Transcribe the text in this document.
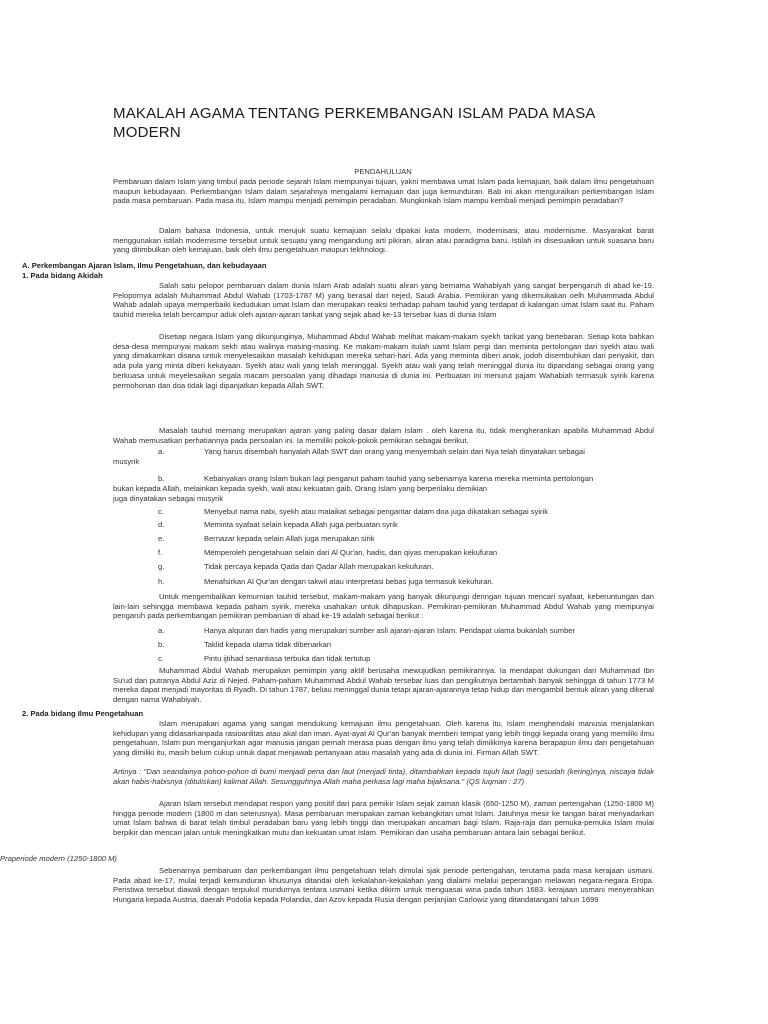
MAKALAH AGAMA TENTANG PERKEMBANGAN ISLAM PADA MASA MODERN
PENDAHULUAN
Pembaruan dalam Islam yang timbul pada periode sejarah Islam mempunyai tujuan, yakni membawa umat Islam pada kemajuan, baik dalam ilmu pengetahuan maupun kebudayaan. Perkembangan Islam dalam sejarahnya mengalami kemajuan dan juga kemunduran. Bab ini akan menguraikan perkembangan Islam pada masa pembaruan. Pada masa itu, Islam mampu menjadi pemimpin peradaban. Mungkinkah Islam mampu kembali menjadi pemimpin peradaban?
Dalam bahasa Indonesia, untuk merujuk suatu kemajuan selalu dipakai kata modern, modernisasi, atau modernisme. Masyarakat barat menggunakan istilah modernisme tersebut untuk sesuatu yang mengandung arti pikiran, aliran atau paradigma baru. Istilah ini disesuaikan untuk suasana baru yang ditimbulkan oleh kemajuan, baik oleh ilmu pengetahuan maupun tekhnologi.
A. Perkembangan Ajaran Islam, Ilmu Pengetahuan, dan kebudayaan
1. Pada bidang Akidah
Salah satu pelopor pembaruan dalam dunia Islam Arab adalah suatu aliran yang bernama Wahabiyah yang sangat berpengaruh di abad ke-19. Pelopornya adalah Muhammad Abdul Wahab (1703-1787 M) yang berasal dari nejed, Saudi Arabia. Pemikiran yang dikemukakan oelh Muhammada Abdul Wahab adalah upaya memperbaiki kedudukan umat Islam dan merupakan reaksi terhadap paham tauhid yang terdapat di kalangan umat Islam saat itu. Paham tauhid mereka telah bercampur aduk oleh ajaran-ajaran tarikat yang sejak abad ke-13 tersebar luas di dunia Islam
Disetiap negara Islam yang dikunjunginya, Muhammad Abdul Wahab melihat makam-makam syekh tarikat yang bertebaran. Setiap kota bahkan desa-desa mempunyai makam sekh atau walinya masing-masing. Ke makam-makam itulah uamt Islam pergi dan meminta pertolongan dari syekh atau wali yang dimakamkan disana untuk menyelesaikan masalah kehidupan mereka sehari-hari. Ada yang meminta diberi anak, jodoh disembuhkan dari penyakit, dan ada pula yang minta diberi kekayaan. Syekh atau wali yang telah meninggal. Syekh atau wali yang telah meninggal dunia itu dipandang sebagai orang yang berkuasa untuk meyelesaikan segala macam persoalan yang dihadapi manusia di dunia ini. Perbuatan ini menurut pajam Wahabiah termasuk syirik karena permohonan dan doa tidak lagi dipanjatkan kepada Allah SWT.
Masalah tauhid memang merupakan ajaran yang paling dasar dalam Islam . oleh karena itu, tidak mengherankan apabila Muhammad Abdul Wahab memusatkan perhatiannya pada persoalan ini. Ia memiliki pokok-pokok pemikiran sebagai berikut.
a.	Yang harus disembah hanyalah Allah SWT dan orang yang menyembah selain dari Nya telah dinyatakan sebagai
musyrik
b.	Kebanyakan orang Islam bukan lagi penganut paham tauhid yang sebenarnya karena mereka meminta pertolongan
bukan kepada Allah, melainkan kepada syekh, wali atau kekuatan gaib. Orang Islam yang berperilaku demikian juga dinyatakan sebagai musyrik
c.	Menyebut nama nabi, syekh atau malaikat sebagai pengantar dalam doa juga dikatakan sebagai syirik
d.	Meminta syafaat selain kepada Allah juga perbuatan syrik
e.	Bernazar kepada selain Allah juga merupakan sirik
f.	Memperoleh pengetahuan selain dari Al Qur'an, hadis, dan qiyas merupakan kekufuran
g.	Tidak percaya kepada Qada dan Qadar Allah merupakan kekufuran.
h.	Menafsirkan Al Qur'an dengan takwil atau interpretasi bebas juga termasuk kekufuran.
Untuk mengembalikan kemurnian tauhid tersebut, makam-makam yang banyak dikunjungi denngan tujuan mencari syafaat, keberuntungan dan lain-lain sehingga membawa kepada paham syirik, mereka usahakan untuk dihapuskan. Pemikiran-pemikiran Muhammad Abdul Wahab yang mempunyai pengaruh pada perkembangan pemikiran pembaruan di abad ke-19 adalah sebagai berikut :
a.	Hanya alquran dan hadis yang merupakan sumber asli ajaran-ajaran Islam. Pendapat ulama bukanlah sumber
b.	Taklid kepada ulama tidak dibenarkan
c.	Pintu ijtihad senantiasa terbuka dan tidak tertutup
Muhammad Abdul Wahab merupakan pemimpin yang aktif berusaha mewujudkan pemikirannya. Ia mendapat dukungan dari Muhammad Ibn Su'ud dan putranya Abdul Aziz di Nejed. Paham-paham Muhammad Abdul Wahab tersebar luas dan pengikutnya bertambah banyak sehingga di tahun 1773 M mereka dapat menjadi mayoritas di Ryadh. Di tahun 1787, beliau meninggal dunia tetapi ajaran-ajarannya tetap hidup dan mengambil bentuk aliran yang dikenal dengan nama Wahabiyah.
2. Pada bidang Ilmu Pengetahuan
Islam merupakan agama yang sangat mendukung kemajuan ilmu pengetahuan. Oleh karena itu, Islam menghendaki manusia menjalankan kehidupan yang didasarkanpada rasioanlitas atau akal dan iman. Ayat-ayat Al Qur'an banyak memberi tempat yang lebih tinggi kepada orang yang memiliki ilmu pengetahuan, Islam pun menganjurkan agar manusia jangan pernah merasa puas dengan ilmu yang telah dimilikinya karena berapapun ilmu dan pengetahuan yang dimiliki itu, masih belum cukup untuk dapat menjawab pertanyaan atau masalah yang ada di dunia ini. Firman Allah SWT.
Artinya : "Dan seandainya pohon-pohon di bumi menjadi pena dan laut (menjadi tinta), ditambahkan kepada tujuh laut (lagi) sesudah (kering)nya, niscaya tidak akan habis-habisnya (dituliskan) kalimat Allah. Sesungguhnya Allah maha perkasa lagi maha bijaksana." (QS luqman : 27)
Ajaran Islam tersebut mendapat respon yang positif dari para pemikir Islam sejak zaman klasik (650-1250 M), zaman pertengahan (1250-1800 M) hingga periode modern (1800 m dan seterusnya). Masa pembaruan merupakan zaman kebangkitan umat Islam. Jatuhnya mesir ke tangan barat menyadarkan umat Islam bahwa di barat telah timbul peradaban baru yang lebih tinggi dan merupakan ancaman bagi Islam. Raja-raja dan pemuka-pemuka Islam mulai berpikir dan mencari jalan untuk meningkatkan mutu dan kekuatan umat Islam. Pemikiran dan usaha pembaruan antara lain sebagai berikut.
Praperiode modern (1250-1800 M)
Sebenarnya pembaruan dan perkembangan ilmu pengetahuan telah dimulai sjak periode pertengahan, terutama pada masa kerajaan usmani. Pada abad ke-17, mulai terjadi kemunduran khusunya ditandai oleh kekalahan-kekalahan yang dialami melalui peperangan melawan negara-negara Eropa. Peristiwa tersebut diawali dengan terpukul mundurnya tentara usmani ketika dikirm untuk menguasai wina pada tahun 1683. kerajaan usmani menyerahkan Hungaria kepada Austria, daerah Podolia kepada Polandia, dan Azov kepada Rusia dengan perjanjian Carlowiz yang ditandatangani tahun 1699
